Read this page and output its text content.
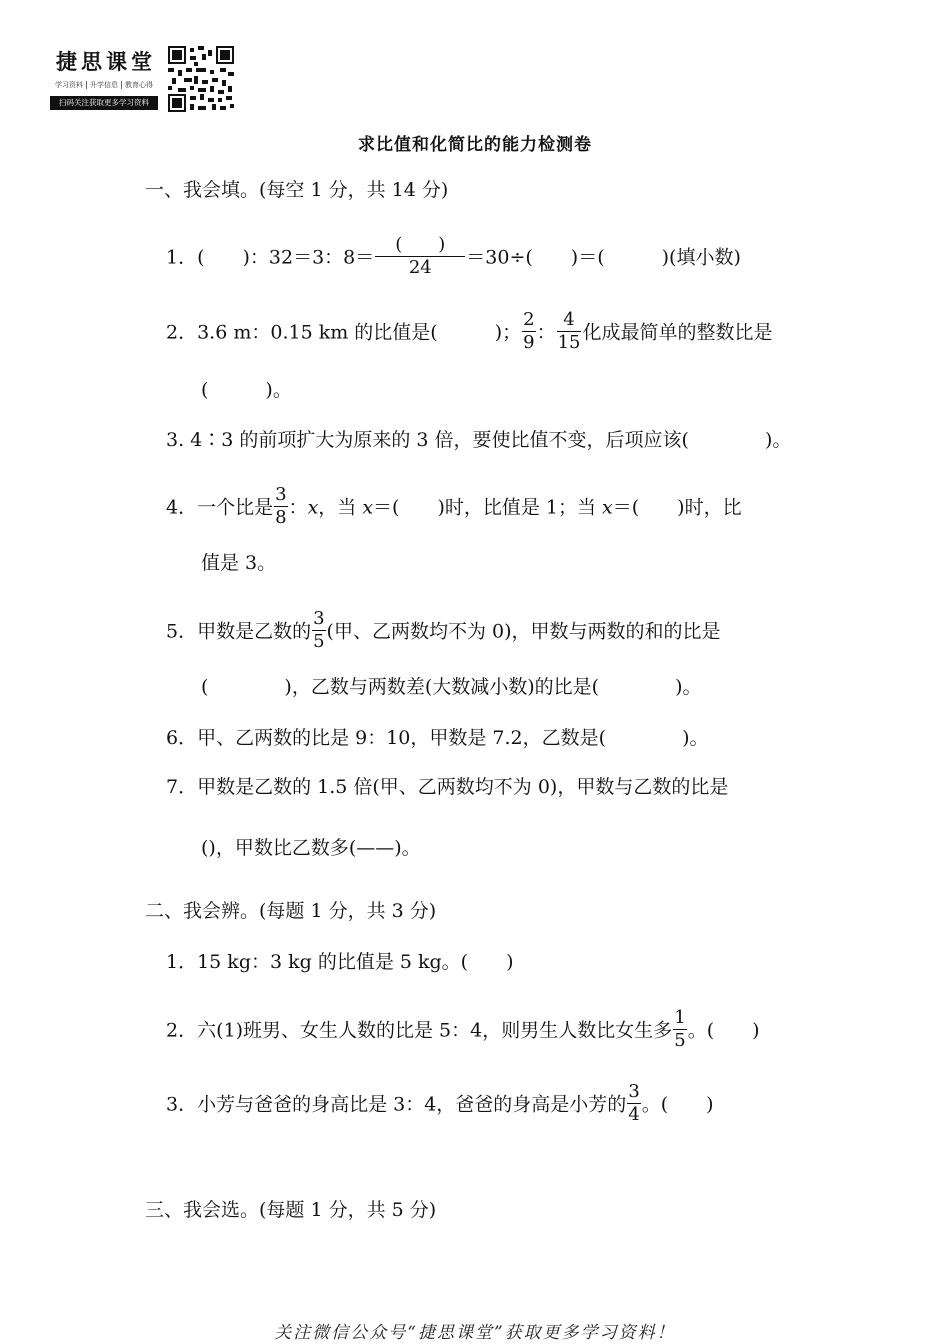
捷思课堂
学习资料 升学信息 教育心得
扫码关注获取更多学习资料
求比值和化简比的能力检测卷
一、我会填。(每空 1 分，共 14 分)
1．(　　)：32＝3：$8= \frac{( )}{24} =30\div$(　　)＝(　　　)(填小数)
2．3.6 m：0.15 km 的比值是(　　　)； $\frac{2}{9}$ ： $\frac{4}{15}$ 化成最简单的整数比是
(　　　)。
3. 4∶3 的前项扩大为原来的 3 倍，要使比值不变，后项应该(　　　　)。
4．一个比是 $\frac{3}{8}$ ：x，当 x＝(　　)时，比值是 1；当 x＝(　　)时，比
值是 3。
5．甲数是乙数的 $\frac{3}{5}$ (甲、乙两数均不为 0)，甲数与两数的和的比是
(　　　　)，乙数与两数差(大数减小数)的比是(　　　　)。
6．甲、乙两数的比是 9：10，甲数是 7.2，乙数是(　　　　)。
7．甲数是乙数的 1.5 倍(甲、乙两数均不为 0)，甲数与乙数的比是
()，甲数比乙数多(——)。
二、我会辨。(每题 1 分，共 3 分)
1．15 kg：3 kg 的比值是 5 kg。(　　)
2．六(1)班男、女生人数的比是 5：4，则男生人数比女生多 $\frac{1}{5}$ 。(　　)
3．小芳与爸爸的身高比是 3：4，爸爸的身高是小芳的 $\frac{3}{4}$ 。(　　)
三、我会选。(每题 1 分，共 5 分)
关注微信公众号“捷思课堂”获取更多学习资料！
